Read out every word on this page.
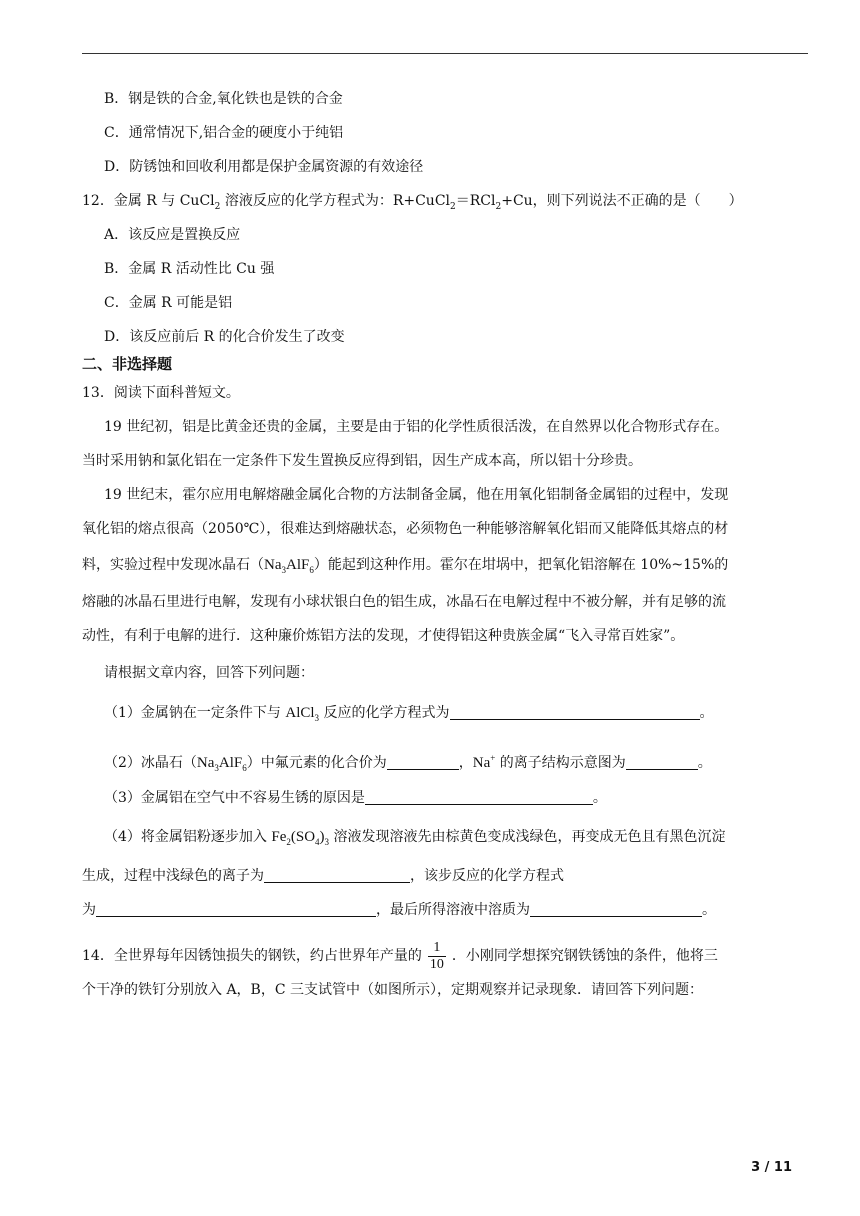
B．钢是铁的合金,氧化铁也是铁的合金
C．通常情况下,铝合金的硬度小于纯铝
D．防锈蚀和回收利用都是保护金属资源的有效途径
12．金属 R 与 CuCl$_2$ 溶液反应的化学方程式为：R+CuCl$_2$＝RCl$_2$+Cu，则下列说法不正确的是（　　）
A．该反应是置换反应
B．金属 R 活动性比 Cu 强
C．金属 R 可能是铝
D．该反应前后 R 的化合价发生了改变
二、非选择题
13．阅读下面科普短文。
19 世纪初，铝是比黄金还贵的金属，主要是由于铝的化学性质很活泼，在自然界以化合物形式存在。
当时采用钠和氯化铝在一定条件下发生置换反应得到铝，因生产成本高，所以铝十分珍贵。
19 世纪末，霍尔应用电解熔融金属化合物的方法制备金属，他在用氧化铝制备金属铝的过程中，发现
氧化铝的熔点很高（2050℃），很难达到熔融状态，必须物色一种能够溶解氧化铝而又能降低其熔点的材
料，实验过程中发现冰晶石$(Na_3AlF_6)$能起到这种作用。霍尔在坩埚中，把氧化铝溶解在 10%~15%的
熔融的冰晶石里进行电解，发现有小球状银白色的铝生成，冰晶石在电解过程中不被分解，并有足够的流
动性，有利于电解的进行．这种廉价炼铝方法的发现，才使得铝这种贵族金属“飞入寻常百姓家”。
请根据文章内容，回答下列问题：
（1）金属钠在一定条件下与 AlCl$_3$ 反应的化学方程式为	。
（2）冰晶石$(Na_3AlF_6)$中氟元素的化合价为	，Na+ 的离子结构示意图为	。
（3）金属铝在空气中不容易生锈的原因是	。
（4）将金属铝粉逐步加入 $Fe_2(SO_4)_3$ 溶液发现溶液先由棕黄色变成浅绿色，再变成无色且有黑色沉淀
生成，过程中浅绿色的离子为	，该步反应的化学方程式
为	，最后所得溶液中溶质为	。
14．全世界每年因锈蚀损失的钢铁，约占世界年产量的 $\frac{1}{10}$ ．小刚同学想探究钢铁锈蚀的条件，他将三
个干净的铁钉分别放入 A，B，C 三支试管中（如图所示），定期观察并记录现象．请回答下列问题：
3 / 11
